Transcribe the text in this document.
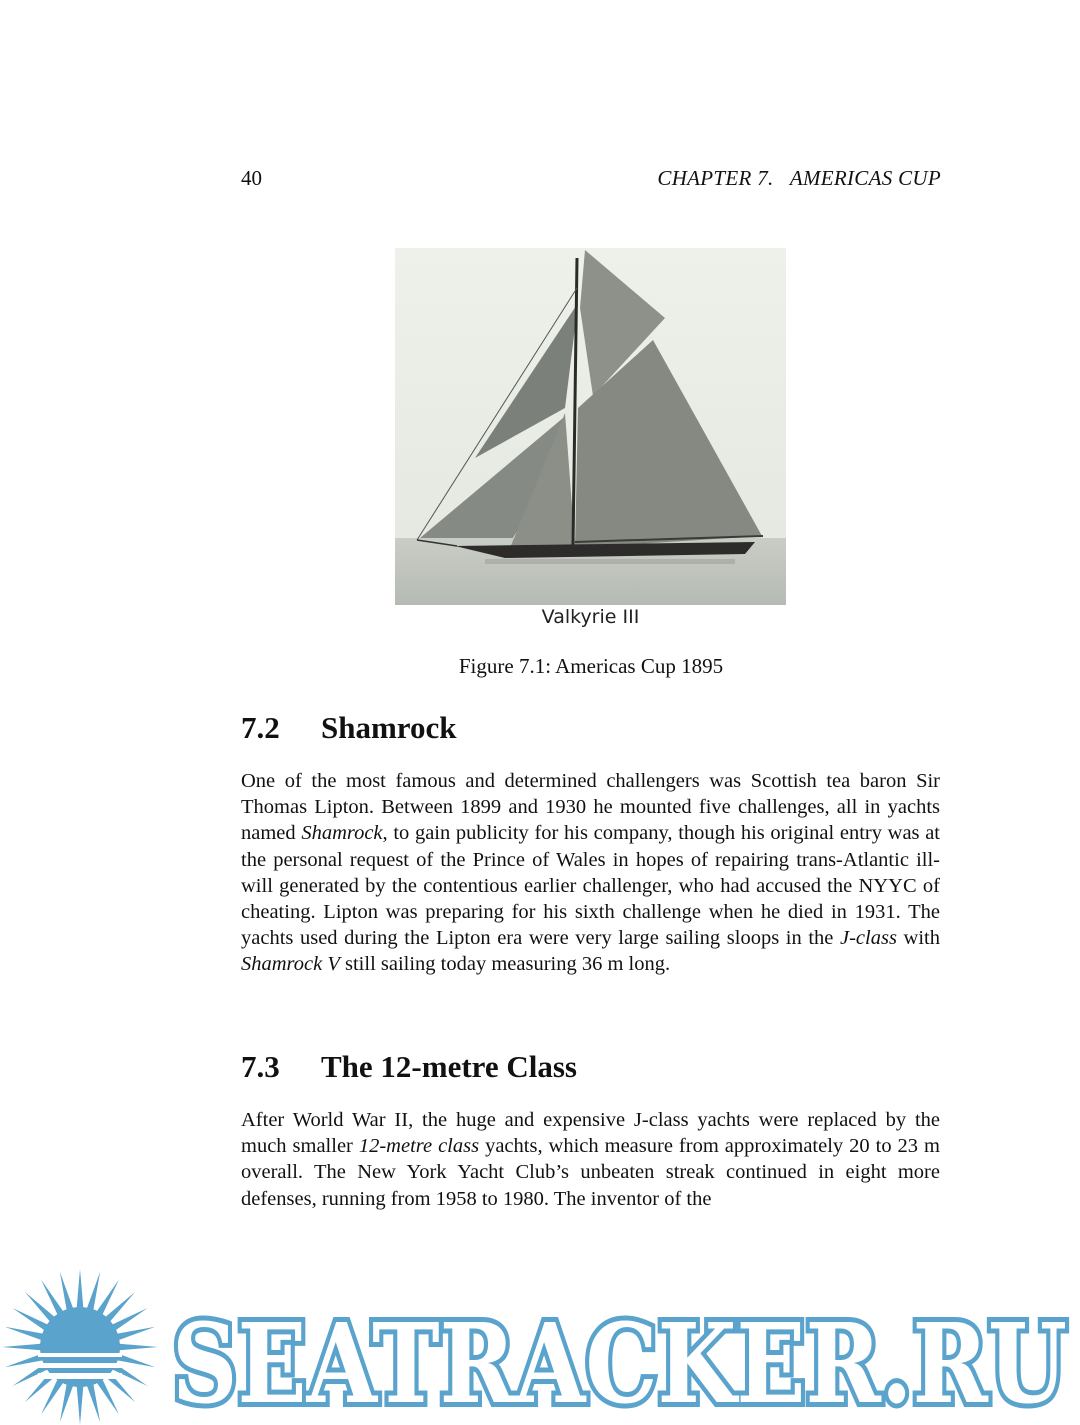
40	CHAPTER 7.   AMERICAS CUP
Valkyrie III
Figure 7.1: Americas Cup 1895
7.2 Shamrock

One of the most famous and determined challengers was Scottish tea baron Sir Thomas Lipton. Between 1899 and 1930 he mounted five challenges, all in yachts named Shamrock, to gain publicity for his company, though his original entry was at the personal request of the Prince of Wales in hopes of repairing trans-Atlantic ill-will generated by the contentious earlier challenger, who had accused the NYYC of cheating. Lipton was preparing for his sixth challenge when he died in 1931. The yachts used during the Lipton era were very large sailing sloops in the J-class with Shamrock V still sailing today measuring 36 m long.

7.3 The 12-metre Class

After World War II, the huge and expensive J-class yachts were replaced by the much smaller 12-metre class yachts, which measure from approximately 20 to 23 m overall. The New York Yacht Club’s unbeaten streak continued in eight more defenses, running from 1958 to 1980. The inventor of the

SEATRACKER.RU
SEATRACKER.RU
